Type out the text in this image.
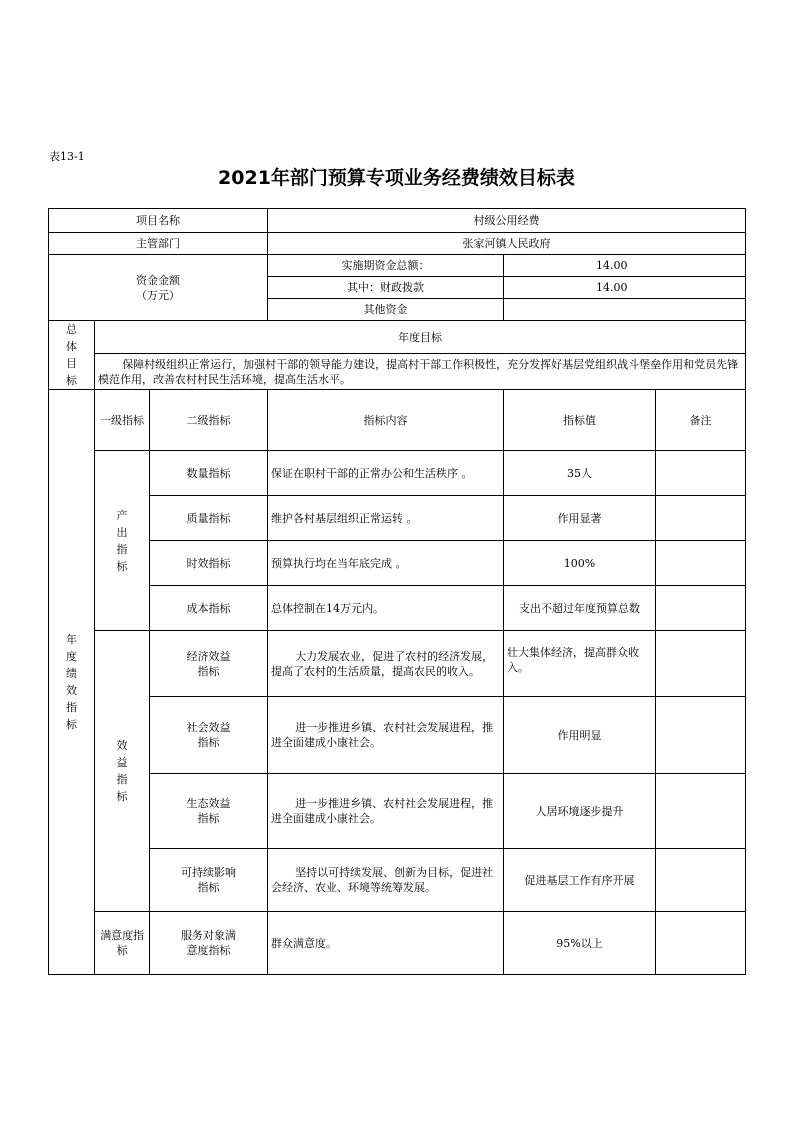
表13-1
2021年部门预算专项业务经费绩效目标表
项目名称			村级公用经费		
主管部门			张家河镇人民政府		

资金金额
（万元）			实施期资金总额：	14.00	
			其中：财政拨款	14.00	
			其他资金		
总体目标	年度目标				
	保障村级组织正常运行，加强村干部的领导能力建设，提高村干部工作积极性，充分发挥好基层党组织战斗堡垒作用和党员先锋模范作用，改善农村村民生活环境，提高生活水平。				
年度绩效指标	一级指标	二级指标	指标内容	指标值	备注
	产出指标	数量指标	保证在职村干部的正常办公和生活秩序 。	35人	
		质量指标	维护各村基层组织正常运转 。	作用显著	
		时效指标	预算执行均在当年底完成 。	100%	
		成本指标	总体控制在14万元内。	支出不超过年度预算总数	
	效益指标	经济效益指标	大力发展农业，促进了农村的经济发展，提高了农村的生活质量，提高农民的收入。	壮大集体经济，提高群众收入。	
		社会效益指标	进一步推进乡镇、农村社会发展进程，推进全面建成小康社会。	作用明显	
		生态效益指标	进一步推进乡镇、农村社会发展进程，推进全面建成小康社会。	人居环境逐步提升	
		可持续影响指标	坚持以可持续发展、创新为目标，促进社会经济、农业、环境等统筹发展。	促进基层工作有序开展	
	满意度指标	服务对象满意度指标	群众满意度。	95%以上	
